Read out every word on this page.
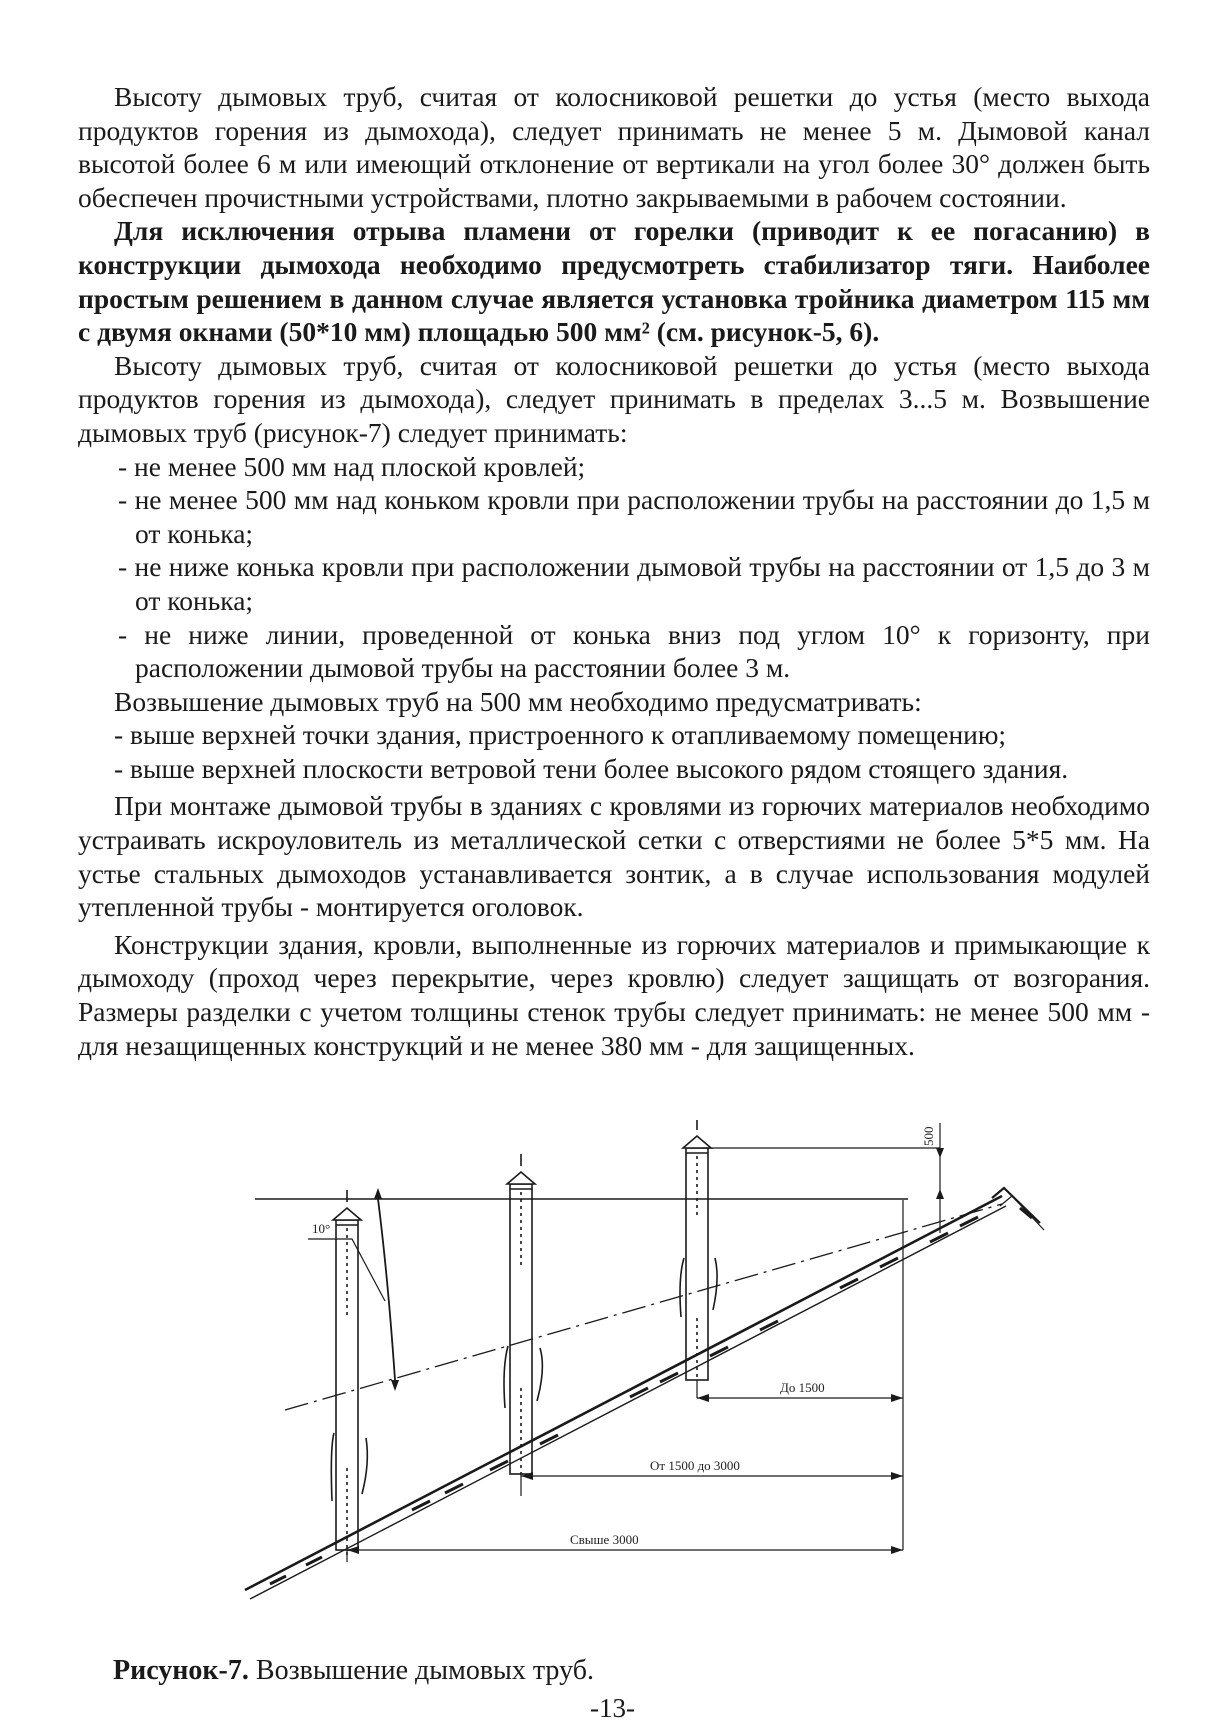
Высоту дымовых труб, считая от колосниковой решетки до устья (место выхода продуктов горения из дымохода), следует принимать не менее 5 м. Дымовой канал высотой более 6 м или имеющий отклонение от вертикали на угол более 30° должен быть обеспечен прочистными устройствами, плотно закрываемыми в рабочем состоянии.

Для исключения отрыва пламени от горелки (приводит к ее погасанию) в конструкции дымохода необходимо предусмотреть стабилизатор тяги. Наиболее простым решением в данном случае является установка тройника диаметром 115 мм с двумя окнами (50*10 мм) площадью 500 мм² (см. рисунок-5, 6).

Высоту дымовых труб, считая от колосниковой решетки до устья (место выхода продуктов горения из дымохода), следует принимать в пределах 3...5 м. Возвышение дымовых труб (рисунок-7) следует принимать:

- не менее 500 мм над плоской кровлей;

- не менее 500 мм над коньком кровли при расположении трубы на расстоянии до 1,5 м от конька;

- не ниже конька кровли при расположении дымовой трубы на расстоянии от 1,5 до 3 м от конька;

- не ниже линии, проведенной от конька вниз под углом 10° к горизонту, при расположении дымовой трубы на расстоянии более 3 м.

Возвышение дымовых труб на 500 мм необходимо предусматривать:

- выше верхней точки здания, пристроенного к отапливаемому помещению;

- выше верхней плоскости ветровой тени более высокого рядом стоящего здания.

При монтаже дымовой трубы в зданиях с кровлями из горючих материалов необходимо устраивать искроуловитель из металлической сетки с отверстиями не более 5*5 мм. На устье стальных дымоходов устанавливается зонтик, а в случае использования модулей утепленной трубы - монтируется оголовок.

Конструкции здания, кровли, выполненные из горючих материалов и примыкающие к дымоходу (проход через перекрытие, через кровлю) следует защищать от возгорания. Размеры разделки с учетом толщины стенок трубы следует принимать: не менее 500 мм - для незащищенных конструкций и не менее 380 мм - для защищенных.

10°
500
До 1500
От 1500 до 3000
Свыше 3000
Рисунок-7. Возвышение дымовых труб.
-13-
